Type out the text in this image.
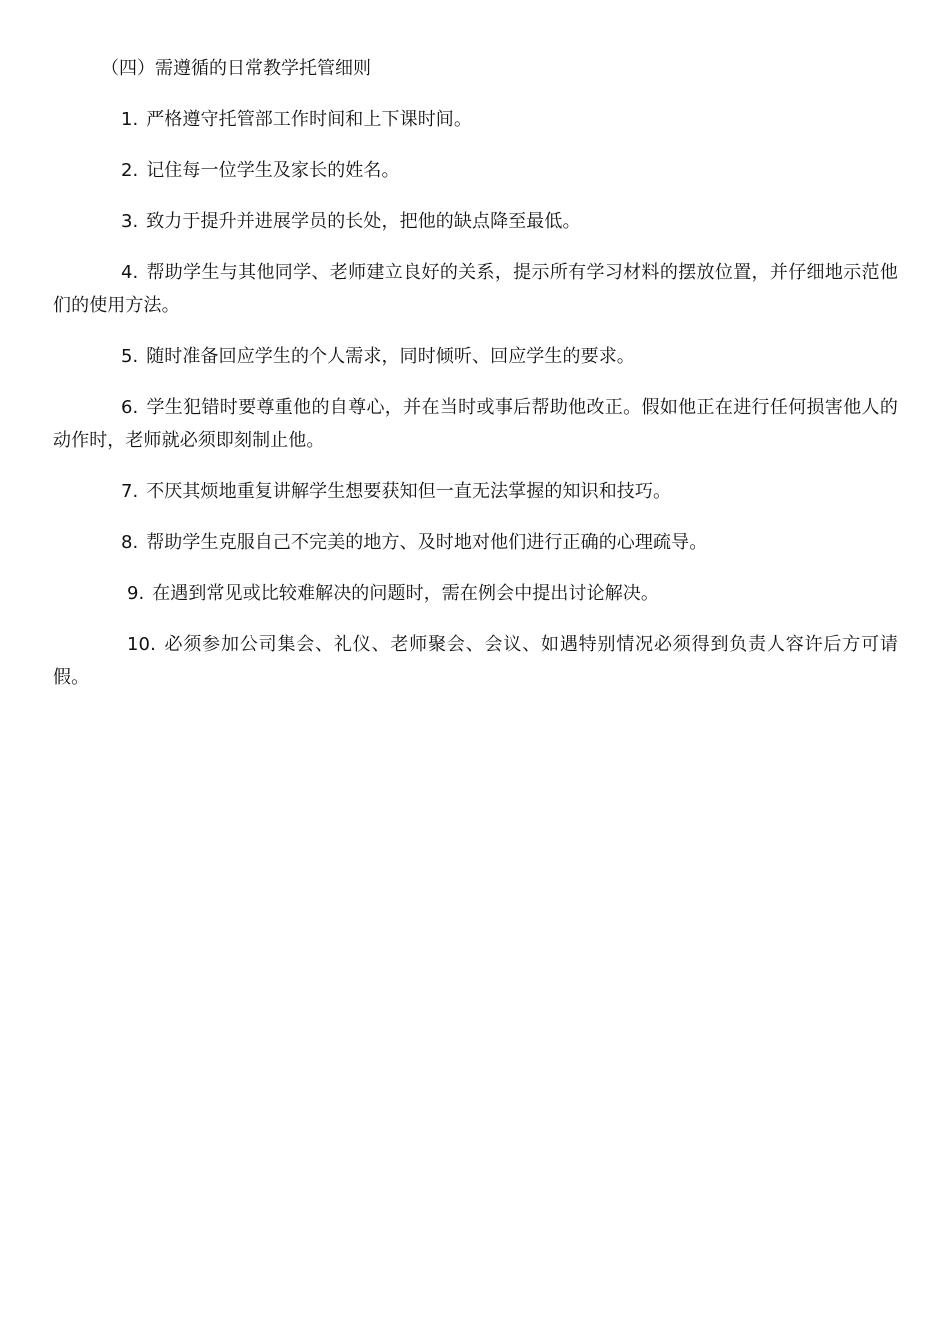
（四）需遵循的日常教学托管细则

1. 严格遵守托管部工作时间和上下课时间。

2. 记住每一位学生及家长的姓名。

3. 致力于提升并进展学员的长处，把他的缺点降至最低。

4. 帮助学生与其他同学、老师建立良好的关系，提示所有学习材料的摆放位置，并仔细地示范他们的使用方法。

5. 随时准备回应学生的个人需求，同时倾听、回应学生的要求。

6. 学生犯错时要尊重他的自尊心，并在当时或事后帮助他改正。假如他正在进行任何损害他人的动作时，老师就必须即刻制止他。

7. 不厌其烦地重复讲解学生想要获知但一直无法掌握的知识和技巧。

8. 帮助学生克服自己不完美的地方、及时地对他们进行正确的心理疏导。

9. 在遇到常见或比较难解决的问题时，需在例会中提出讨论解决。

10. 必须参加公司集会、礼仪、老师聚会、会议、如遇特别情况必须得到负责人容许后方可请假。
